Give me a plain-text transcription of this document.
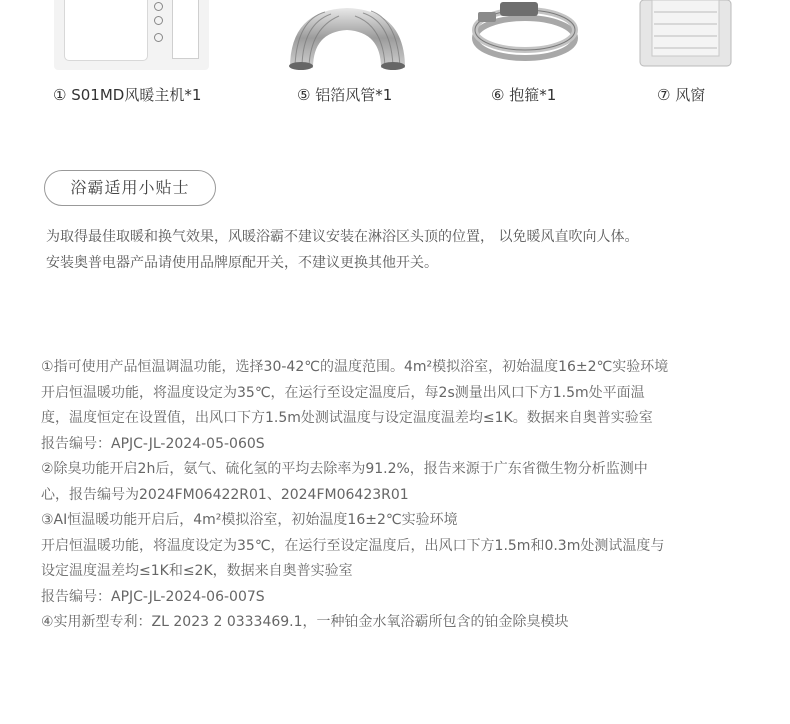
① S01MD风暖主机*1	⑤ 铝箔风管*1	⑥ 抱箍*1	⑦ 风窗
浴霸适用小贴士
为取得最佳取暖和换气效果，风暖浴霸不建议安装在淋浴区头顶的位置， 以免暖风直吹向人体。
安装奥普电器产品请使用品牌原配开关，不建议更换其他开关。
①指可使用产品恒温调温功能，选择30-42℃的温度范围。4m²模拟浴室，初始温度16±2℃实验环境
开启恒温暖功能，将温度设定为35℃，在运行至设定温度后，每2s测量出风口下方1.5m处平面温
度，温度恒定在设置值，出风口下方1.5m处测试温度与设定温度温差均≤1K。数据来自奥普实验室
报告编号：APJC-JL-2024-05-060S
②除臭功能开启2h后，氨气、硫化氢的平均去除率为91.2%，报告来源于广东省微生物分析监测中
心，报告编号为2024FM06422R01、2024FM06423R01
③AI恒温暖功能开启后，4m²模拟浴室，初始温度16±2℃实验环境
开启恒温暖功能，将温度设定为35℃，在运行至设定温度后，出风口下方1.5m和0.3m处测试温度与
设定温度温差均≤1K和≤2K，数据来自奥普实验室
报告编号：APJC-JL-2024-06-007S
④实用新型专利：ZL 2023 2 0333469.1，一种铂金水氧浴霸所包含的铂金除臭模块
